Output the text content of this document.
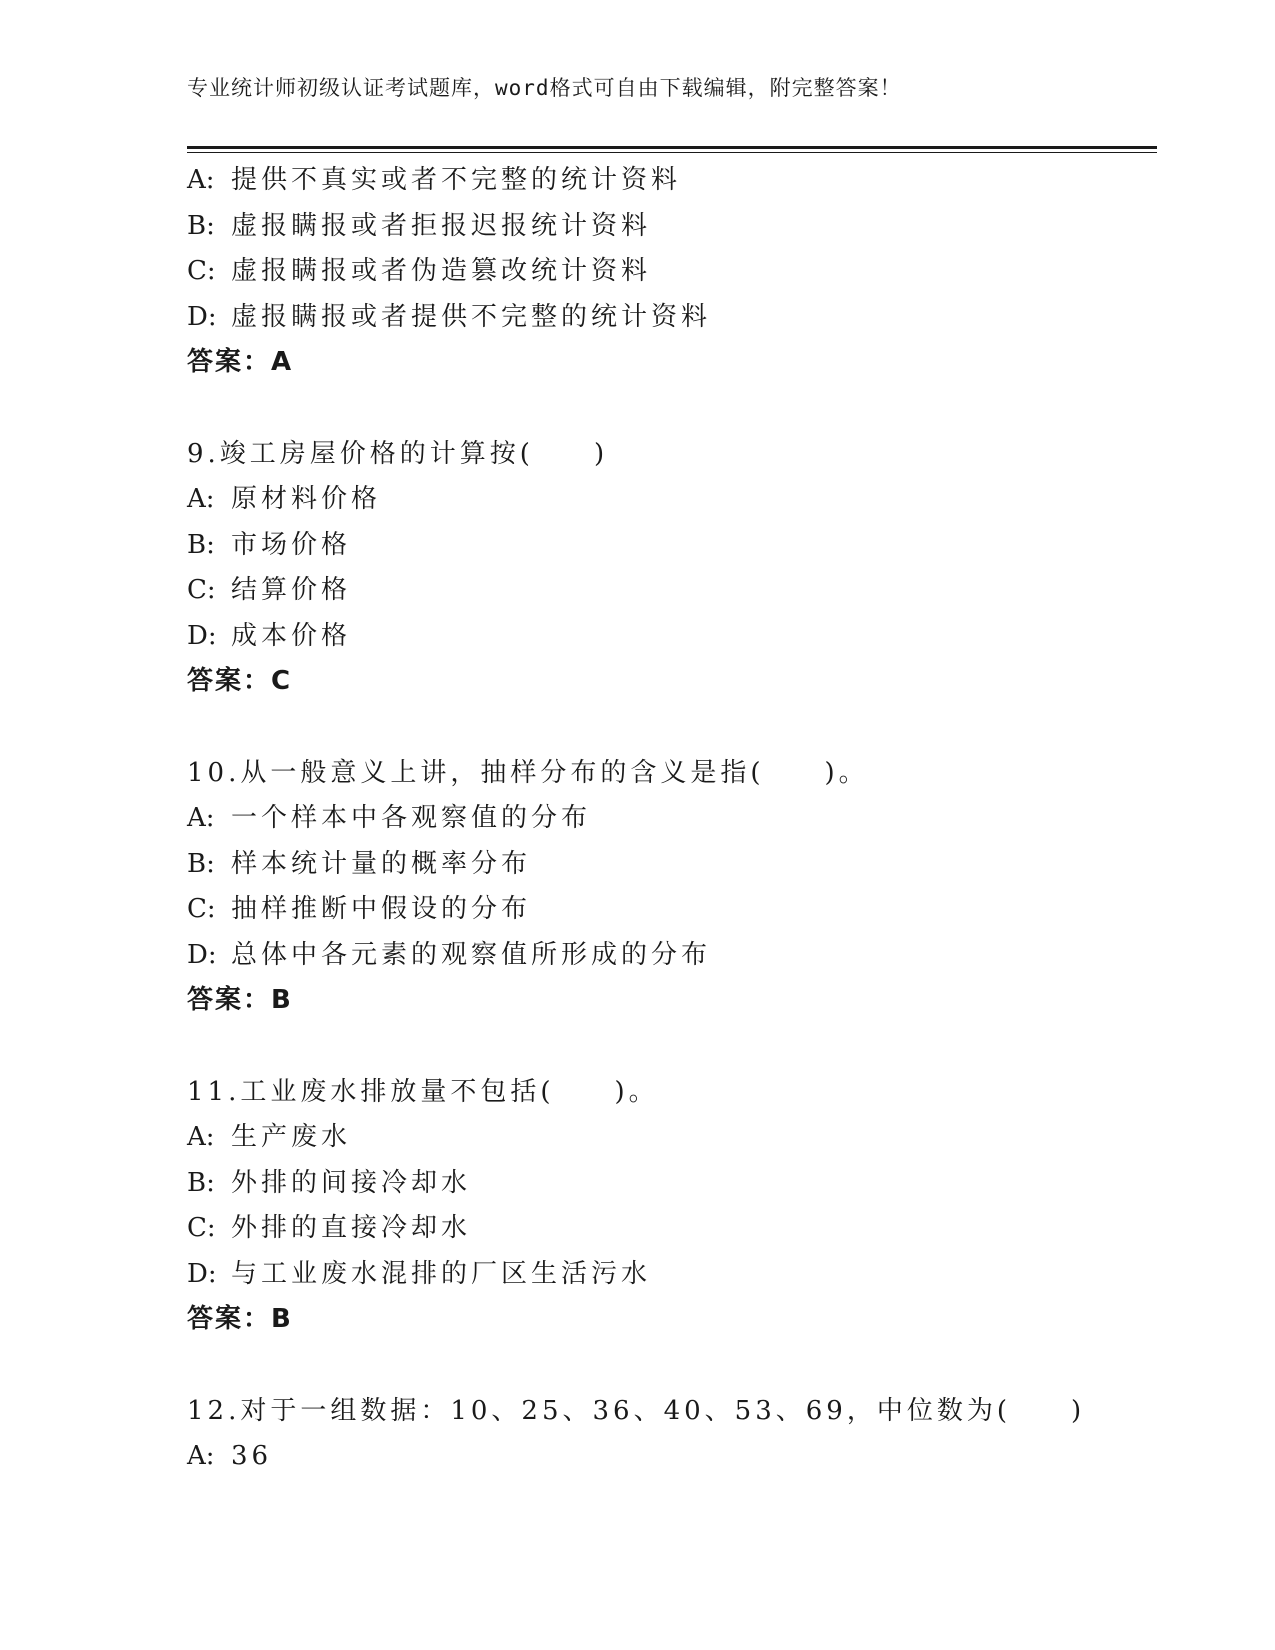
专业统计师初级认证考试题库，word格式可自由下载编辑，附完整答案！
A: 提供不真实或者不完整的统计资料
B: 虚报瞒报或者拒报迟报统计资料
C: 虚报瞒报或者伪造篡改统计资料
D: 虚报瞒报或者提供不完整的统计资料
答案：A
9.竣工房屋价格的计算按(　　)
A: 原材料价格
B: 市场价格
C: 结算价格
D: 成本价格
答案：C
10.从一般意义上讲，抽样分布的含义是指(　　)。
A: 一个样本中各观察值的分布
B: 样本统计量的概率分布
C: 抽样推断中假设的分布
D: 总体中各元素的观察值所形成的分布
答案：B
11.工业废水排放量不包括(　　)。
A: 生产废水
B: 外排的间接冷却水
C: 外排的直接冷却水
D: 与工业废水混排的厂区生活污水
答案：B
12.对于一组数据：10、25、36、40、53、69，中位数为(　　)
A: 36
